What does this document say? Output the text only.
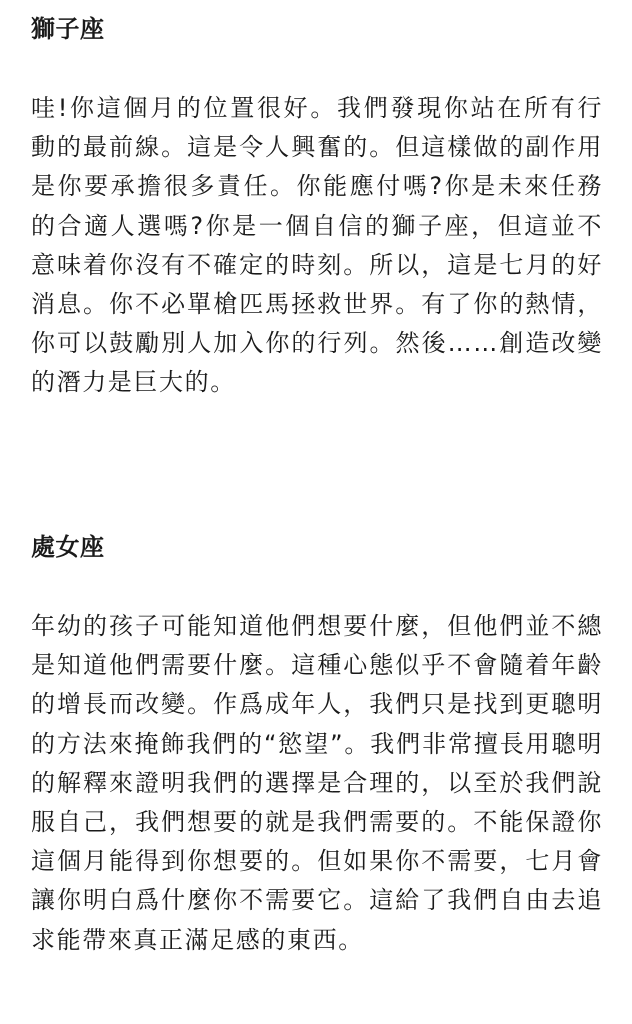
獅子座

哇!你這個月的位置很好。我們發現你站在所有行動的最前線。這是令人興奮的。但這樣做的副作用是你要承擔很多責任。你能應付嗎?你是未來任務的合適人選嗎?你是一個自信的獅子座，但這並不意味着你沒有不確定的時刻。所以，這是七月的好消息。你不必單槍匹馬拯救世界。有了你的熱情，你可以鼓勵別人加入你的行列。然後……創造改變的潛力是巨大的。

處女座

年幼的孩子可能知道他們想要什麼，但他們並不總是知道他們需要什麼。這種心態似乎不會隨着年齡的增長而改變。作爲成年人，我們只是找到更聰明的方法來掩飾我們的“慾望”。我們非常擅長用聰明的解釋來證明我們的選擇是合理的，以至於我們說服自己，我們想要的就是我們需要的。不能保證你這個月能得到你想要的。但如果你不需要，七月會讓你明白爲什麼你不需要它。這給了我們自由去追求能帶來真正滿足感的東西。
